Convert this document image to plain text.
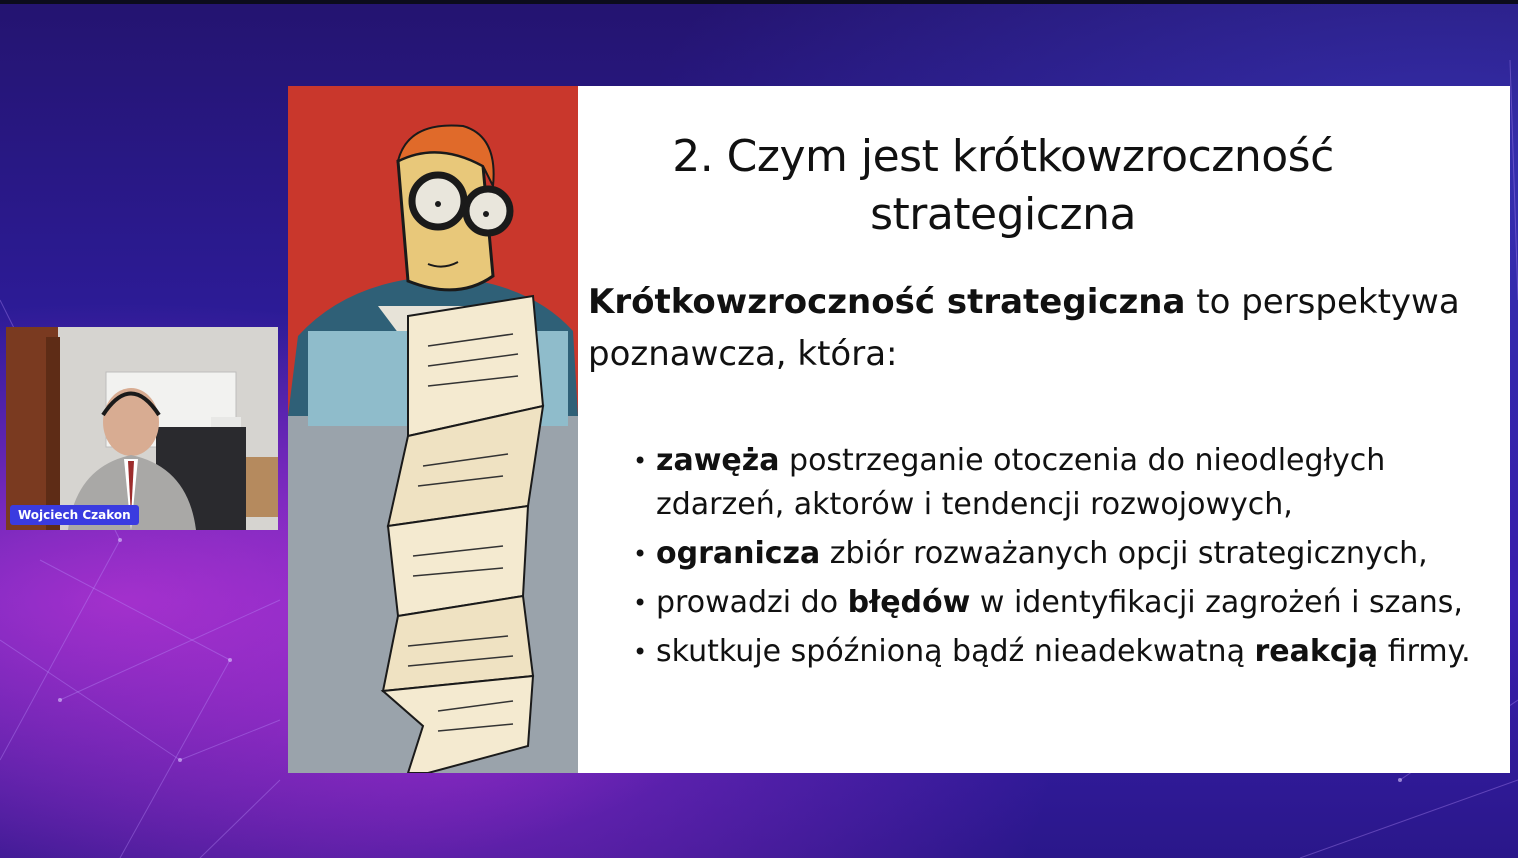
Wojciech Czakon
2. Czym jest krótkowzroczność
strategiczna
Krótkowzroczność strategiczna to perspektywa poznawcza, która:
• zawęża postrzeganie otoczenia do nieodległych zdarzeń, aktorów i tendencji rozwojowych,
• ogranicza zbiór rozważanych opcji strategicznych,
• prowadzi do błędów w identyfikacji zagrożeń i szans,
• skutkuje spóźnioną bądź nieadekwatną reakcją firmy.
